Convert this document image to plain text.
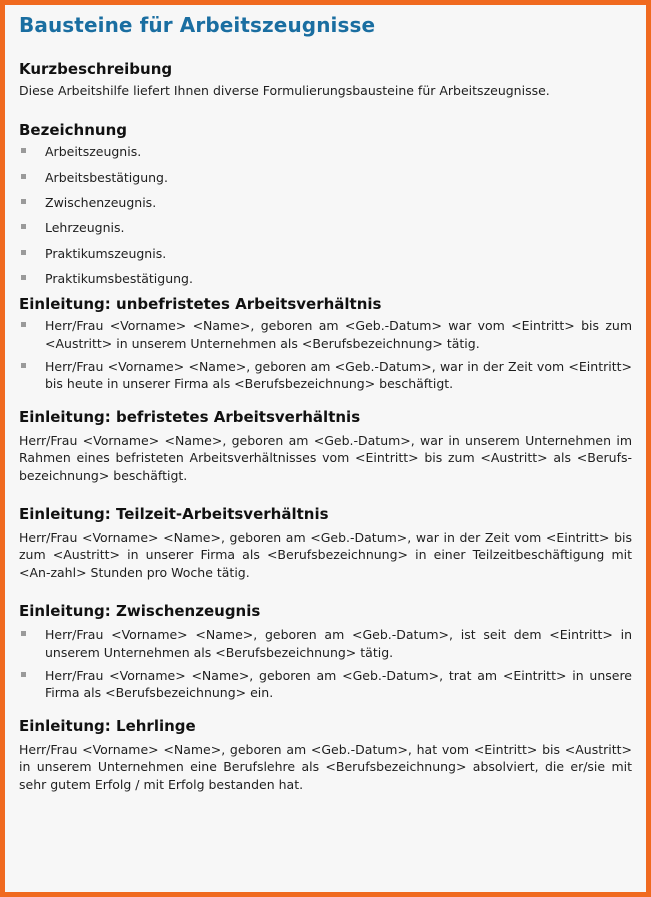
Bausteine für Arbeitszeugnisse
Kurzbeschreibung

Diese Arbeitshilfe liefert Ihnen diverse Formulierungsbausteine für Arbeitszeugnisse.

Bezeichnung
Arbeitszeugnis.
Arbeitsbestätigung.
Zwischenzeugnis.
Lehrzeugnis.
Praktikumszeugnis.
Praktikumsbestätigung.
Einleitung: unbefristetes Arbeitsverhältnis
Herr/Frau <Vorname> <Name>, geboren am <Geb.-Datum> war vom <Eintritt> bis zum <Austritt> in unserem Unternehmen als <Berufsbezeichnung> tätig.
Herr/Frau <Vorname> <Name>, geboren am <Geb.-Datum>, war in der Zeit vom <Eintritt> bis heute in unserer Firma als <Berufsbezeichnung> beschäftigt.
Einleitung: befristetes Arbeitsverhältnis

Herr/Frau <Vorname> <Name>, geboren am <Geb.-Datum>, war in unserem Unternehmen im Rahmen eines befristeten Arbeitsverhältnisses vom <Eintritt> bis zum <Austritt> als <Berufs-bezeichnung> beschäftigt.

Einleitung: Teilzeit-Arbeitsverhältnis

Herr/Frau <Vorname> <Name>, geboren am <Geb.-Datum>, war in der Zeit vom <Eintritt> bis zum <Austritt> in unserer Firma als <Berufsbezeichnung> in einer Teilzeitbeschäftigung mit <An-zahl> Stunden pro Woche tätig.

Einleitung: Zwischenzeugnis
Herr/Frau <Vorname> <Name>, geboren am <Geb.-Datum>, ist seit dem <Eintritt> in unserem Unternehmen als <Berufsbezeichnung> tätig.
Herr/Frau <Vorname> <Name>, geboren am <Geb.-Datum>, trat am <Eintritt> in unsere Firma als <Berufsbezeichnung> ein.
Einleitung: Lehrlinge

Herr/Frau <Vorname> <Name>, geboren am <Geb.-Datum>, hat vom <Eintritt> bis <Austritt> in unserem Unternehmen eine Berufslehre als <Berufsbezeichnung> absolviert, die er/sie mit sehr gutem Erfolg / mit Erfolg bestanden hat.
